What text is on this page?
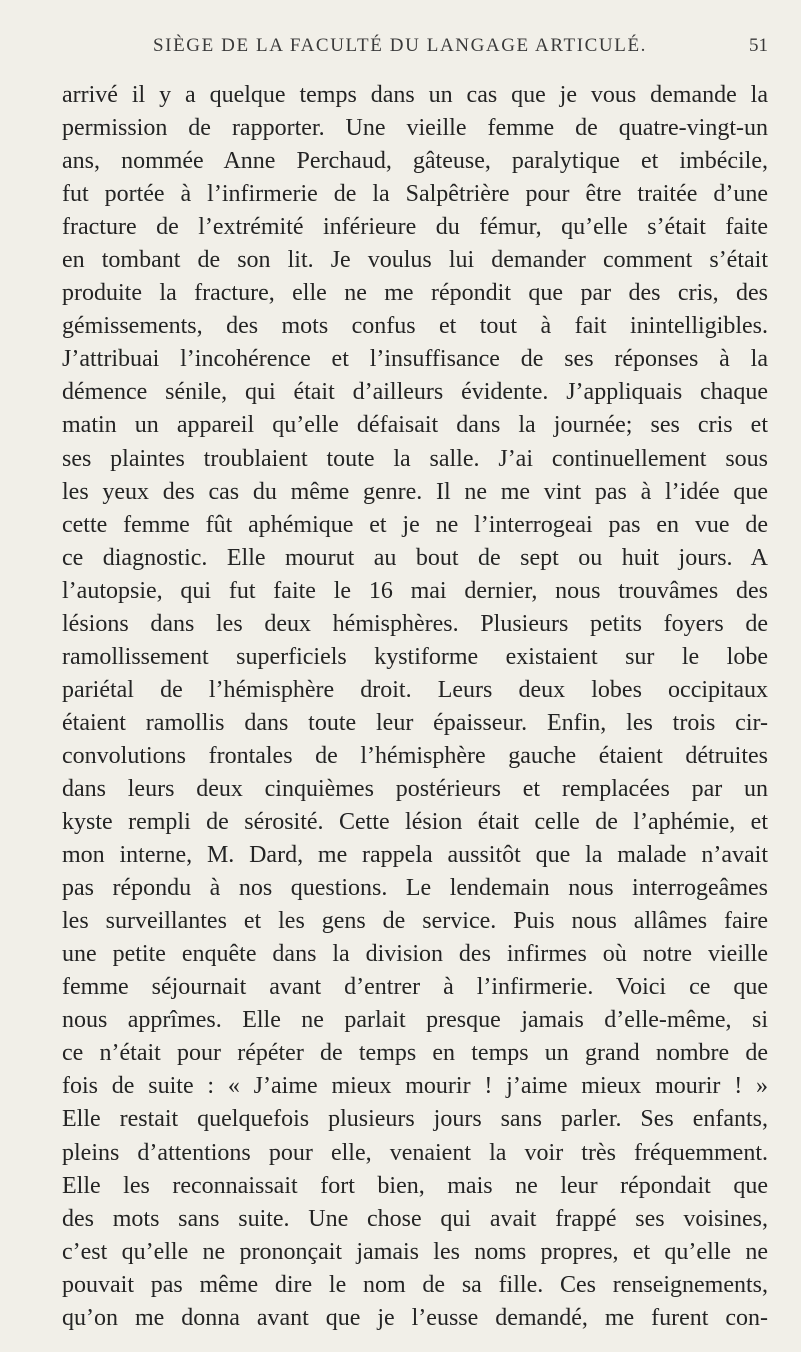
SIÈGE DE LA FACULTÉ DU LANGAGE ARTICULÉ.	51
arrivé il y a quelque temps dans un cas que je vous demande la
permission de rapporter. Une vieille femme de quatre-vingt-un
ans, nommée Anne Perchaud, gâteuse, paralytique et imbécile,
fut portée à l’infirmerie de la Salpêtrière pour être traitée d’une
fracture de l’extrémité inférieure du fémur, qu’elle s’était faite
en tombant de son lit. Je voulus lui demander comment s’était
produite la fracture, elle ne me répondit que par des cris, des
gémissements, des mots confus et tout à fait inintelligibles.
J’attribuai l’incohérence et l’insuffisance de ses réponses à la
démence sénile, qui était d’ailleurs évidente. J’appliquais chaque
matin un appareil qu’elle défaisait dans la journée; ses cris et
ses plaintes troublaient toute la salle. J’ai continuellement sous
les yeux des cas du même genre. Il ne me vint pas à l’idée que
cette femme fût aphémique et je ne l’interrogeai pas en vue de
ce diagnostic. Elle mourut au bout de sept ou huit jours. A
l’autopsie, qui fut faite le 16 mai dernier, nous trouvâmes des
lésions dans les deux hémisphères. Plusieurs petits foyers de
ramollissement superficiels kystiforme existaient sur le lobe
pariétal de l’hémisphère droit. Leurs deux lobes occipitaux
étaient ramollis dans toute leur épaisseur. Enfin, les trois cir-
convolutions frontales de l’hémisphère gauche étaient détruites
dans leurs deux cinquièmes postérieurs et remplacées par un
kyste rempli de sérosité. Cette lésion était celle de l’aphémie, et
mon interne, M. Dard, me rappela aussitôt que la malade n’avait
pas répondu à nos questions. Le lendemain nous interrogeâmes
les surveillantes et les gens de service. Puis nous allâmes faire
une petite enquête dans la division des infirmes où notre vieille
femme séjournait avant d’entrer à l’infirmerie. Voici ce que
nous apprîmes. Elle ne parlait presque jamais d’elle-même, si
ce n’était pour répéter de temps en temps un grand nombre de
fois de suite : « J’aime mieux mourir ! j’aime mieux mourir ! »
Elle restait quelquefois plusieurs jours sans parler. Ses enfants,
pleins d’attentions pour elle, venaient la voir très fréquemment.
Elle les reconnaissait fort bien, mais ne leur répondait que
des mots sans suite. Une chose qui avait frappé ses voisines,
c’est qu’elle ne prononçait jamais les noms propres, et qu’elle ne
pouvait pas même dire le nom de sa fille. Ces renseignements,
qu’on me donna avant que je l’eusse demandé, me furent con-
